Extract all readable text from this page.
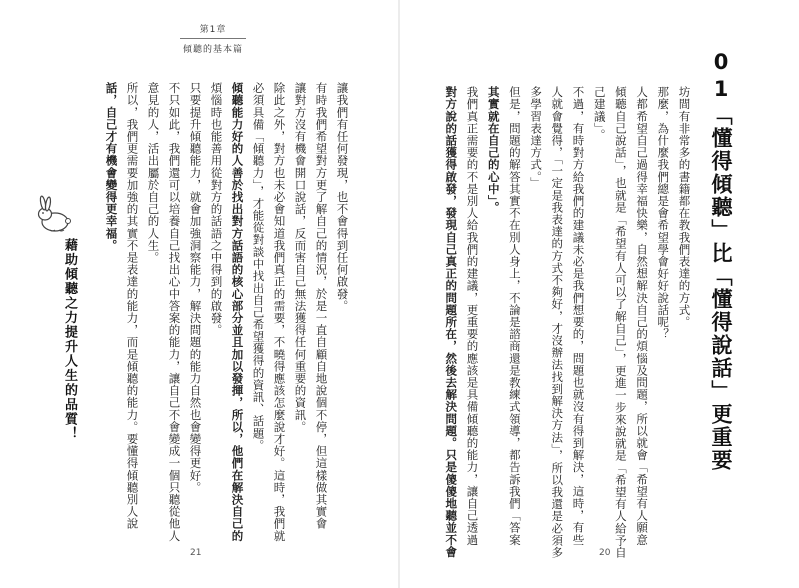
20
第1章
傾聽的基本篇
21
01「懂得傾聽」比「懂得說話」更重要
坊間有非常多的書籍都在教我們表達的方式。
那麼，為什麼我們總是會希望學會好好說話呢？
人都希望自己過得幸福快樂，自然想解決自己的煩惱及問題，所以就會「希望有人願意
傾聽自己說話」，也就是「希望有人可以了解自己」，更進一步來說就是「希望有人給予自
己建議」。
不過，有時對方給我們的建議未必是我們想要的，問題也就沒有得到解決，這時，有些
人就會覺得，「一定是我表達的方式不夠好，才沒辦法找到解決方法」，所以我還是必須多
多學習表達方式。」
但是，問題的解答其實不在別人身上，不論是諮商還是教練式領導，都告訴我們「答案
其實就在自己的心中」。
我們真正需要的不是別人給我們的建議，更重要的應該是具備傾聽的能力，讓自己透過
對方說的話獲得啟發，發現自己真正的問題所在，然後去解決問題。只是傻傻地聽並不會
讓我們有任何發現，也不會得到任何啟發。
有時我們希望對方更了解自己的情況，於是一直自顧自地說個不停，但這樣做其實會
讓對方沒有機會開口說話，反而害自己無法獲得任何重要的資訊。
除此之外，對方也未必會知道我們真正的需要，不曉得應該怎麼說才好。這時，我們就
必須具備「傾聽力」，才能從對談中找出自己希望獲得的資訊、話題。
傾聽能力好的人善於找出對方話語的核心部分並且加以發揮，所以，他們在解決自己的
煩惱時也能善用從對方的話語之中得到的啟發。
只要提升傾聽能力，就會加強洞察能力，解決問題的能力自然也會變得更好。
不只如此，我們還可以培養自己找出心中答案的能力，讓自己不會變成一個只聽從他人
意見的人，活出屬於自己的人生。
所以，我們更需要加強的其實不是表達的能力，而是傾聽的能力。要懂得傾聽別人說
話，自己才有機會變得更幸福。
藉助傾聽之力提升人生的品質！
